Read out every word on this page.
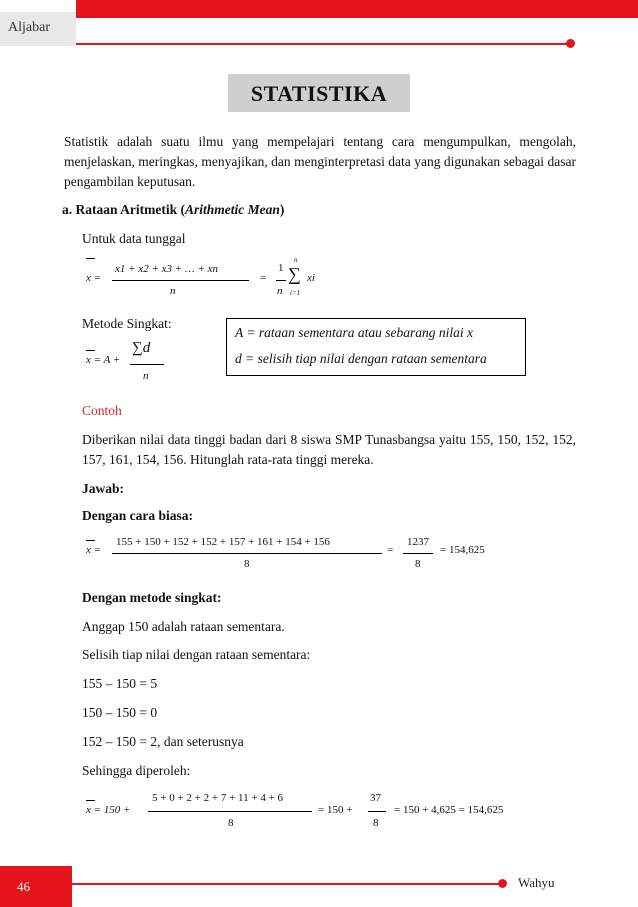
Aljabar
STATISTIKA
Statistik adalah suatu ilmu yang mempelajari tentang cara mengumpulkan, mengolah, menjelaskan, meringkas, menyajikan, dan menginterpretasi data yang digunakan sebagai dasar pengambilan keputusan.
a. Rataan Aritmetik (Arithmetic Mean)
Untuk data tunggal
x =
x1 + x2 + x3 + … + xn
n
=
1
n
n
∑
i=1
xi
Metode Singkat:
x = A +
∑d
n
A = rataan sementara atau sebarang nilai x
d = selisih tiap nilai dengan rataan sementara
Contoh
Diberikan nilai data tinggi badan dari 8 siswa SMP Tunasbangsa yaitu 155, 150, 152, 152, 157, 161, 154, 156. Hitunglah rata-rata tinggi mereka.
Jawab:
Dengan cara biasa:
x =
155 + 150 + 152 + 152 + 157 + 161 + 154 + 156
8
=
1237
8
= 154,625
Dengan metode singkat:
Anggap 150 adalah rataan sementara.
Selisih tiap nilai dengan rataan sementara:
155 – 150 = 5
150 – 150 = 0
152 – 150 = 2, dan seterusnya
Sehingga diperoleh:
x = 150 +
5 + 0 + 2 + 2 + 7 + 11 + 4 + 6
8
= 150 +
37
8
= 150 + 4,625 = 154,625
46	Wahyu
